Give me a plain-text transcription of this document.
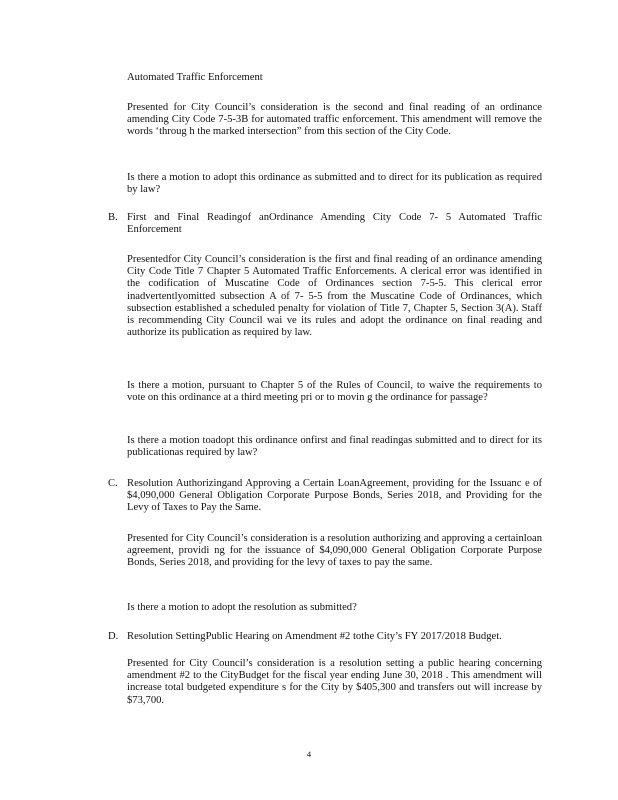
Automated Traffic Enforcement

Presented for City Council’s consideration is the second and final reading of an ordinance amending City Code 7-5-3B for automated traffic enforcement. This amendment will remove the words ‘throug h the marked intersection” from this section of the City Code.

Is there a motion to adopt this ordinance as submitted and to direct for its publication as required by law?

B. First and Final Readingof anOrdinance Amending City Code 7- 5 Automated Traffic Enforcement

Presentedfor City Council’s consideration is the first and final reading of an ordinance amending City Code Title 7 Chapter 5 Automated Traffic Enforcements. A clerical error was identified in the codification of Muscatine Code of Ordinances section 7-5-5. This clerical error inadvertentlyomitted subsection A of 7- 5-5 from the Muscatine Code of Ordinances, which subsection established a scheduled penalty for violation of Title 7, Chapter 5, Section 3(A). Staff is recommending City Council wai ve its rules and adopt the ordinance on final reading and authorize its publication as required by law.

Is there a motion, pursuant to Chapter 5 of the Rules of Council, to waive the requirements to vote on this ordinance at a third meeting pri or to movin g the ordinance for passage?

Is there a motion toadopt this ordinance onfirst and final readingas submitted and to direct for its publicationas required by law?

C. Resolution Authorizingand Approving a Certain LoanAgreement, providing for the Issuanc e of $4,090,000 General Obligation Corporate Purpose Bonds, Series 2018, and Providing for the Levy of Taxes to Pay the Same.

Presented for City Council’s consideration is a resolution authorizing and approving a certainloan agreement, providi ng for the issuance of $4,090,000 General Obligation Corporate Purpose Bonds, Series 2018, and providing for the levy of taxes to pay the same.

Is there a motion to adopt the resolution as submitted?

D. Resolution SettingPublic Hearing on Amendment #2 tothe City’s FY 2017/2018 Budget.

Presented for City Council’s consideration is a resolution setting a public hearing concerning amendment #2 to the CityBudget for the fiscal year ending June 30, 2018 . This amendment will increase total budgeted expenditure s for the City by $405,300 and transfers out will increase by $73,700.

4
